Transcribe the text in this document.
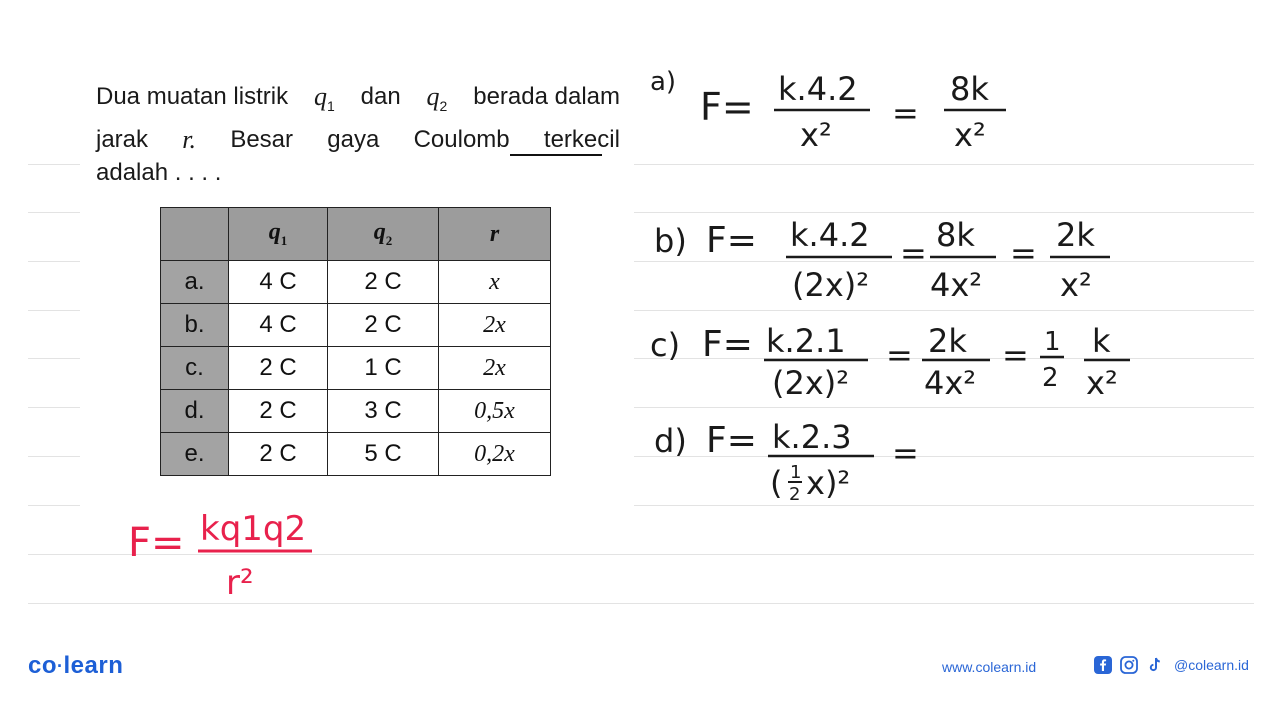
Dua muatan listrik $q_1$ dan $q_2$ berada dalam
jarak r. Besar gaya Coulomb terkecil
adalah . . . .
	$q_1$	$q_2$	r
a.	4 C	2 C	x
b.	4 C	2 C	2x
c.	2 C	1 C	2x
d.	2 C	3 C	0,5x
e.	2 C	5 C	0,2x
F= kq1q2
r²
a)
F= k.4.2
x²
=
8k
x²
b) F= k.4.2
(2x)²
= 8k
4x²
= 2k
x²
c) F= k.2.1
(2x)²
= 2k
4x²
= 1
2
k
x²
d) F= k.2.3
( 1
2 x)²
=
co·learn	www.colearn.id	@colearn.id
